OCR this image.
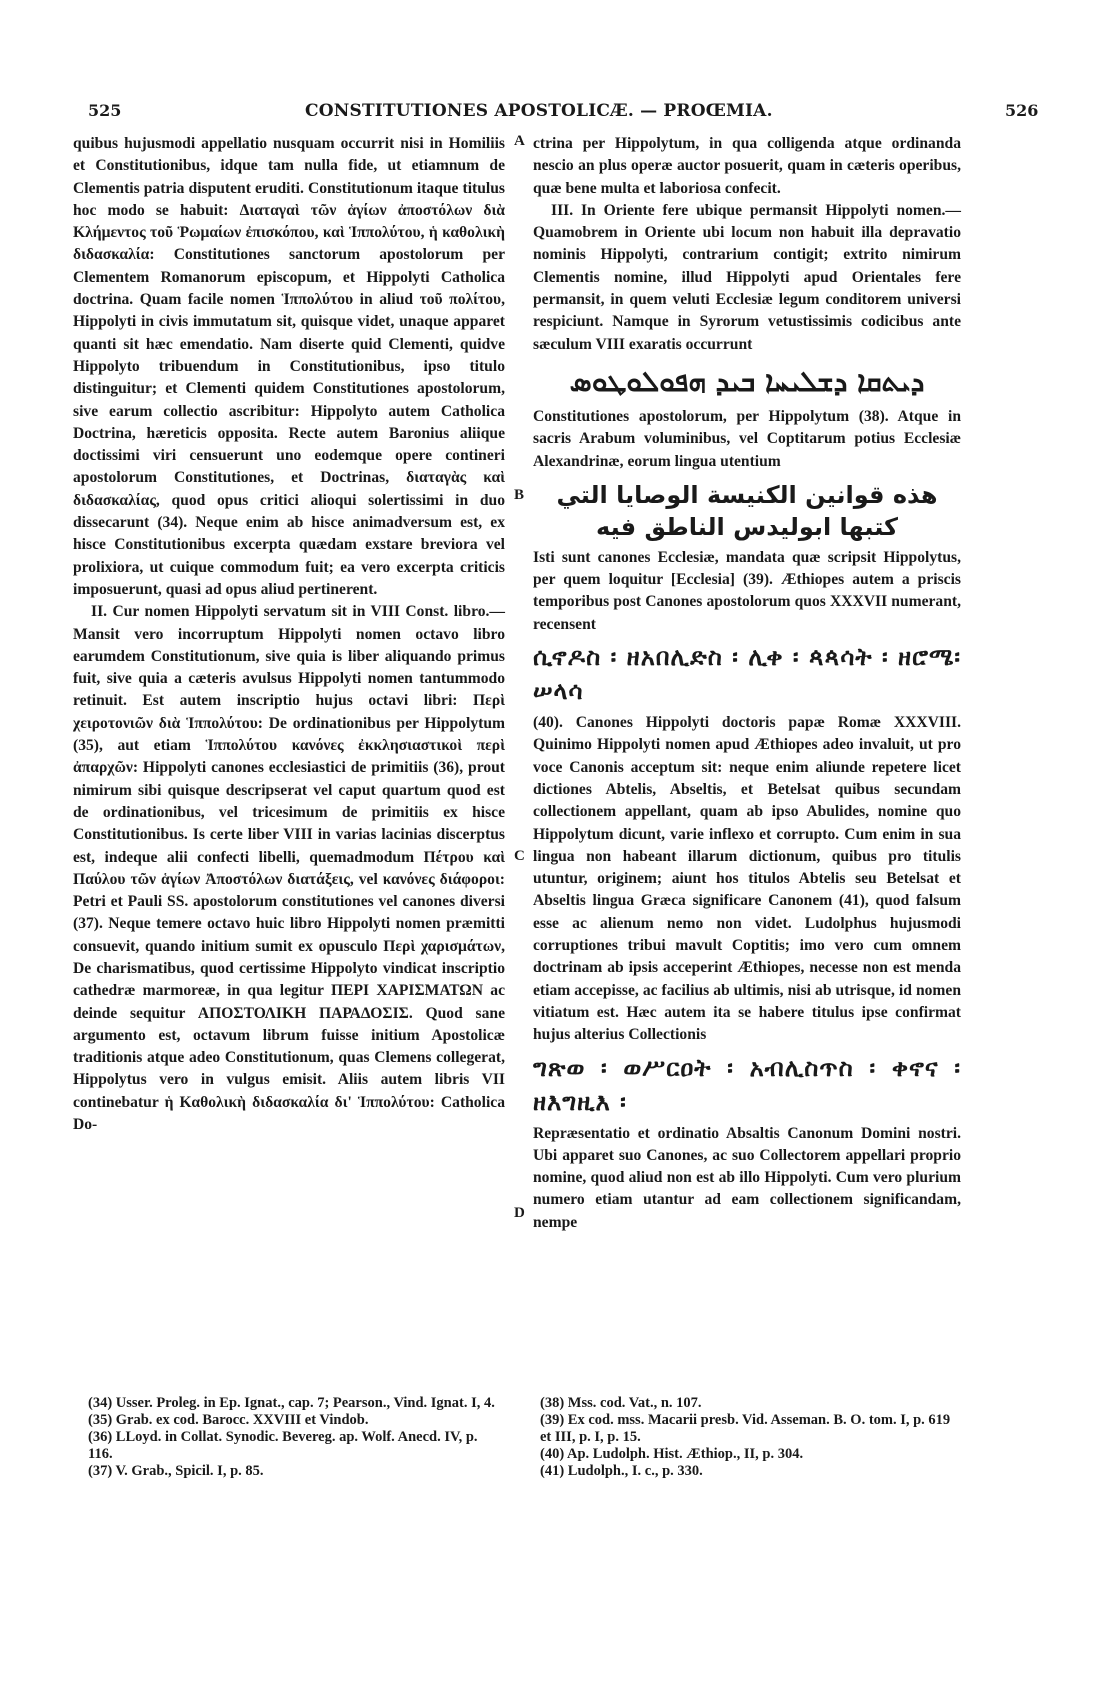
525	CONSTITUTIONES APOSTOLICÆ. — PROŒMIA.	526
A
B
C
D

quibus hujusmodi appellatio nusquam occurrit nisi in Homiliis et Constitutionibus, idque tam nulla fide, ut etiamnum de Clementis patria disputent eruditi. Constitutionum itaque titulus hoc modo se habuit: Διαταγαὶ τῶν ἁγίων ἀποστόλων διὰ Κλήμεντος τοῦ Ῥωμαίων ἐπισκόπου, καὶ Ἱππολύτου, ἡ καθολικὴ διδασκαλία: Constitutiones sanctorum apostolorum per Clementem Romanorum episcopum, et Hippolyti Catholica doctrina. Quam facile nomen Ἱππολύτου in aliud τοῦ πολίτου, Hippolyti in civis immutatum sit, quisque videt, unaque apparet quanti sit hæc emendatio. Nam diserte quid Clementi, quidve Hippolyto tribuendum in Constitutionibus, ipso titulo distinguitur; et Clementi quidem Constitutiones apostolorum, sive earum collectio ascribitur: Hippolyto autem Catholica Doctrina, hæreticis opposita. Recte autem Baronius aliique doctissimi viri censuerunt uno eodemque opere contineri apostolorum Constitutiones, et Doctrinas, διαταγὰς καὶ διδασκαλίας, quod opus critici alioqui solertissimi in duo dissecarunt (34). Neque enim ab hisce animadversum est, ex hisce Constitutionibus excerpta quædam exstare breviora vel prolixiora, ut cuique commodum fuit; ea vero excerpta criticis imposuerunt, quasi ad opus aliud pertinerent.

II. Cur nomen Hippolyti servatum sit in VIII Const. libro.—Mansit vero incorruptum Hippolyti nomen octavo libro earumdem Constitutionum, sive quia is liber aliquando primus fuit, sive quia a cæteris avulsus Hippolyti nomen tantummodo retinuit. Est autem inscriptio hujus octavi libri: Περὶ χειροτονιῶν διὰ Ἱππολύτου: De ordinationibus per Hippolytum (35), aut etiam Ἱππολύτου κανόνες ἐκκλησιαστικοὶ περὶ ἀπαρχῶν: Hippolyti canones ecclesiastici de primitiis (36), prout nimirum sibi quisque descripserat vel caput quartum quod est de ordinationibus, vel tricesimum de primitiis ex hisce Constitutionibus. Is certe liber VIII in varias lacinias discerptus est, indeque alii confecti libelli, quemadmodum Πέτρου καὶ Παύλου τῶν ἁγίων Ἀποστόλων διατάξεις, vel κανόνες διάφοροι: Petri et Pauli SS. apostolorum constitutiones vel canones diversi (37). Neque temere octavo huic libro Hippolyti nomen præmitti consuevit, quando initium sumit ex opusculo Περὶ χαρισμάτων, De charismatibus, quod certissime Hippolyto vindicat inscriptio cathedræ marmoreæ, in qua legitur ΠΕΡΙ ΧΑΡΙΣΜΑΤΩΝ ac deinde sequitur ΑΠΟΣΤΟΛΙΚΗ ΠΑΡΑΔΟΣΙΣ. Quod sane argumento est, octavum librum fuisse initium Apostolicæ traditionis atque adeo Constitutionum, quas Clemens collegerat, Hippolytus vero in vulgus emisit. Aliis autem libris VII continebatur ἡ Καθολικὴ διδασκαλία δι' Ἱππολύτου: Catholica Do-

ctrina per Hippolytum, in qua colligenda atque ordinanda nescio an plus operæ auctor posuerit, quam in cæteris operibus, quæ bene multa et laboriosa confecit.

III. In Oriente fere ubique permansit Hippolyti nomen.—Quamobrem in Oriente ubi locum non habuit illa depravatio nominis Hippolyti, contrarium contigit; extrito nimirum Clementis nomine, illud Hippolyti apud Orientales fere permansit, in quem veluti Ecclesiæ legum conditorem universi respiciunt. Namque in Syrorum vetustissimis codicibus ante sæculum VIII exaratis occurrunt

ܕܝܬܩܐ ܕܫܠܝܚܐ ܒܝܕ ܗܦܘܠܘܛܘܣ

Constitutiones apostolorum, per Hippolytum (38). Atque in sacris Arabum voluminibus, vel Coptitarum potius Ecclesiæ Alexandrinæ, eorum lingua utentium

هذه قوانين الكنيسة الوصايا التي كتبها ابوليدس الناطق فيه

Isti sunt canones Ecclesiæ, mandata quæ scripsit Hippolytus, per quem loquitur [Ecclesia] (39). Æthiopes autem a priscis temporibus post Canones apostolorum quos XXXVII numerant, recensent

ሲኖዶስ ፡ ዘአበሊድስ ፡ ሊቀ ፡ ጳጳሳት ፡ ዘሮሜ፡ሠላሳ

(40). Canones Hippolyti doctoris papæ Romæ XXXVIII. Quinimo Hippolyti nomen apud Æthiopes adeo invaluit, ut pro voce Canonis acceptum sit: neque enim aliunde repetere licet dictiones Abtelis, Abseltis, et Betelsat quibus secundam collectionem appellant, quam ab ipso Abulides, nomine quo Hippolytum dicunt, varie inflexo et corrupto. Cum enim in sua lingua non habeant illarum dictionum, quibus pro titulis utuntur, originem; aiunt hos titulos Abtelis seu Betelsat et Abseltis lingua Græca significare Canonem (41), quod falsum esse ac alienum nemo non videt. Ludolphus hujusmodi corruptiones tribui mavult Coptitis; imo vero cum omnem doctrinam ab ipsis acceperint Æthiopes, necesse non est menda etiam accepisse, ac facilius ab ultimis, nisi ab utrisque, id nomen vitiatum est. Hæc autem ita se habere titulus ipse confirmat hujus alterius Collectionis

ግጽወ ፡ ወሥርዐት ፡ አብሊስጥስ ፡ ቀኖና ፡ ዘእግዚእ ፡

Repræsentatio et ordinatio Absaltis Canonum Domini nostri. Ubi apparet suo Canones, ac suo Collectorem appellari proprio nomine, quod aliud non est ab illo Hippolyti. Cum vero plurium numero etiam utantur ad eam collectionem significandam, nempe

(34) Usser. Proleg. in Ep. Ignat., cap. 7; Pearson., Vind. Ignat. I, 4.
(35) Grab. ex cod. Barocc. XXVIII et Vindob.
(36) LLoyd. in Collat. Synodic. Bevereg. ap. Wolf. Anecd. IV, p. 116.
(37) V. Grab., Spicil. I, p. 85.
(38) Mss. cod. Vat., n. 107.
(39) Ex cod. mss. Macarii presb. Vid. Asseman. B. O. tom. I, p. 619 et III, p. I, p. 15.
(40) Ap. Ludolph. Hist. Æthiop., II, p. 304.
(41) Ludolph., I. c., p. 330.
